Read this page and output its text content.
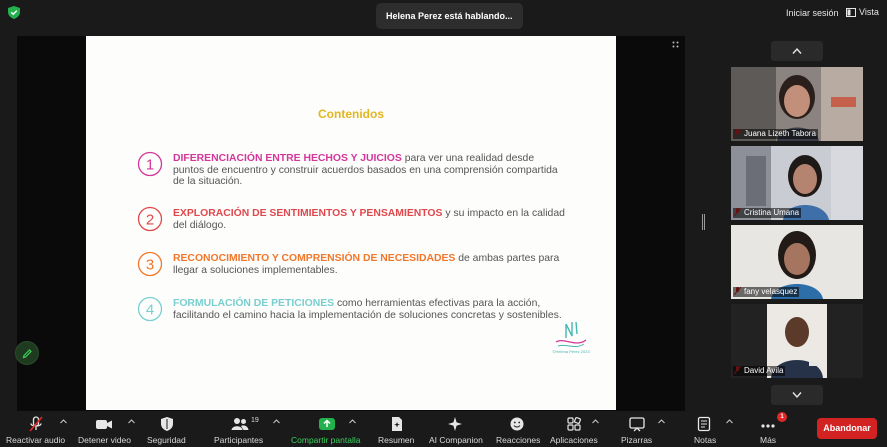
Helena Perez está hablando...	Iniciar sesión Vista
Contenidos
1 DIFERENCIACIÓN ENTRE HECHOS Y JUICIOS para ver una realidad desde puntos de encuentro y construir acuerdos basados en una comprensión compartida de la situación.

2 EXPLORACIÓN DE SENTIMIENTOS Y PENSAMIENTOS y su impacto en la calidad del diálogo.

3 RECONOCIMIENTO Y COMPRENSIÓN DE NECESIDADES de ambas partes para llegar a soluciones implementables.

4 FORMULACIÓN DE PETICIONES como herramientas efectivas para la acción, facilitando el camino hacia la implementación de soluciones concretas y sostenibles.

©Helena Pérez 2023
Juana Lizeth Tabora
Cristina Umana
fany velasquez
David Avila
Reactivar audio Detener video Seguridad
19
Participantes	Compartir pantalla Resumen AI Companion Reacciones Aplicaciones	Pizarras	Notas
1
Más
Abandonar
